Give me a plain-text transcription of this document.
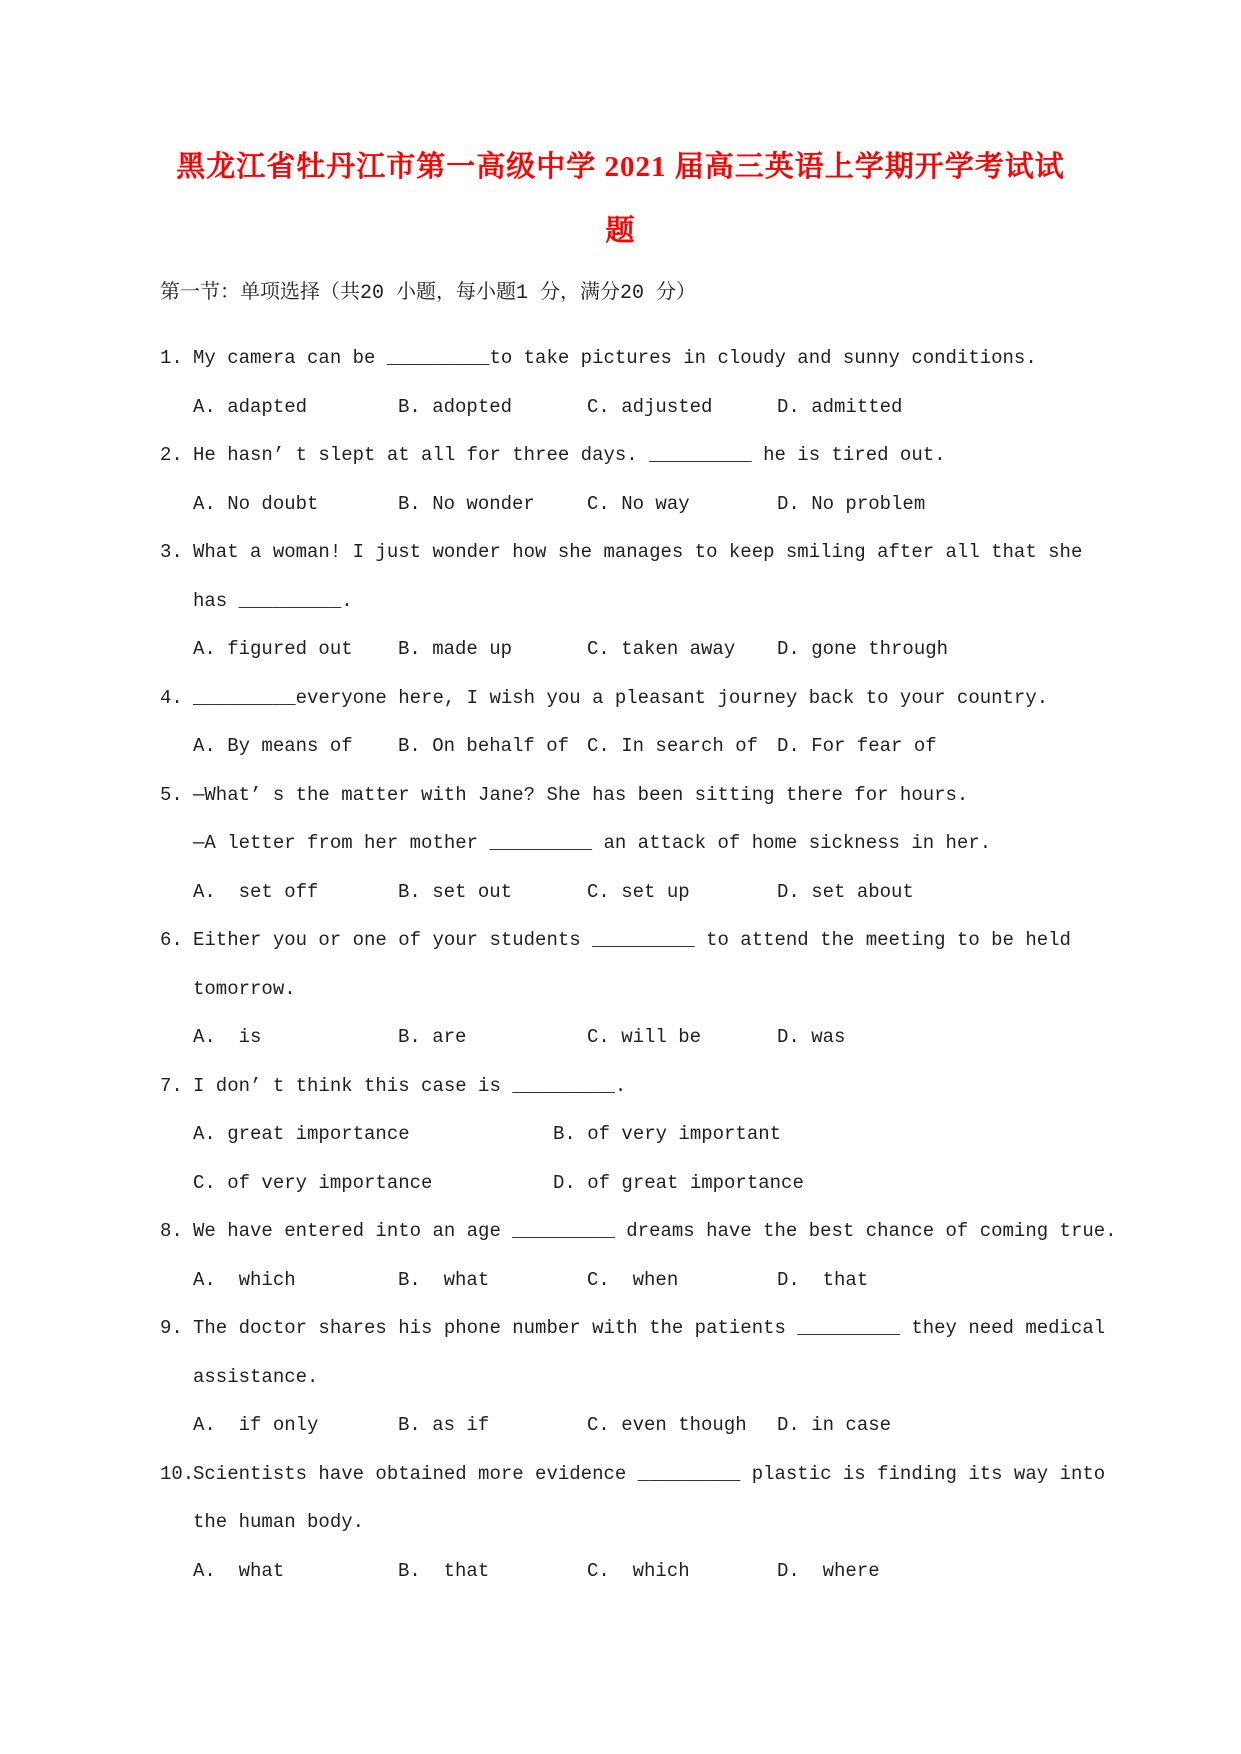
黑龙江省牡丹江市第一高级中学 2021 届高三英语上学期开学考试试
题
第一节：单项选择（共20 小题，每小题1 分，满分20 分）
1. My camera can be _________to take pictures in cloudy and sunny conditions.
A. adapted	B. adopted	C. adjusted	D. admitted
2. He hasn’ t slept at all for three days. _________ he is tired out.
A. No doubt	B. No wonder	C. No way	D. No problem
3. What a woman! I just wonder how she manages to keep smiling after all that she
has _________.
A. figured out	B. made up	C. taken away	D. gone through
4. _________everyone here, I wish you a pleasant journey back to your country.
A. By means of	B. On behalf of C. In search of D. For fear of
5. —What’ s the matter with Jane? She has been sitting there for hours.
—A letter from her mother _________ an attack of home sickness in her.
A.  set off	B. set out	C. set up	D. set about
6. Either you or one of your students _________ to attend the meeting to be held
tomorrow.
A.  is	B. are	C. will be	D. was
7. I don’ t think this case is _________.
A. great importance	B. of very important
C. of very importance	D. of great importance
8. We have entered into an age _________ dreams have the best chance of coming true.
A.  which	B.  what	C.  when	D.  that
9. The doctor shares his phone number with the patients _________ they need medical
assistance.
A.  if only	B. as if	C. even though	D. in case
10.Scientists have obtained more evidence _________ plastic is finding its way into
the human body.
A.  what	B.  that	C.  which	D.  where
